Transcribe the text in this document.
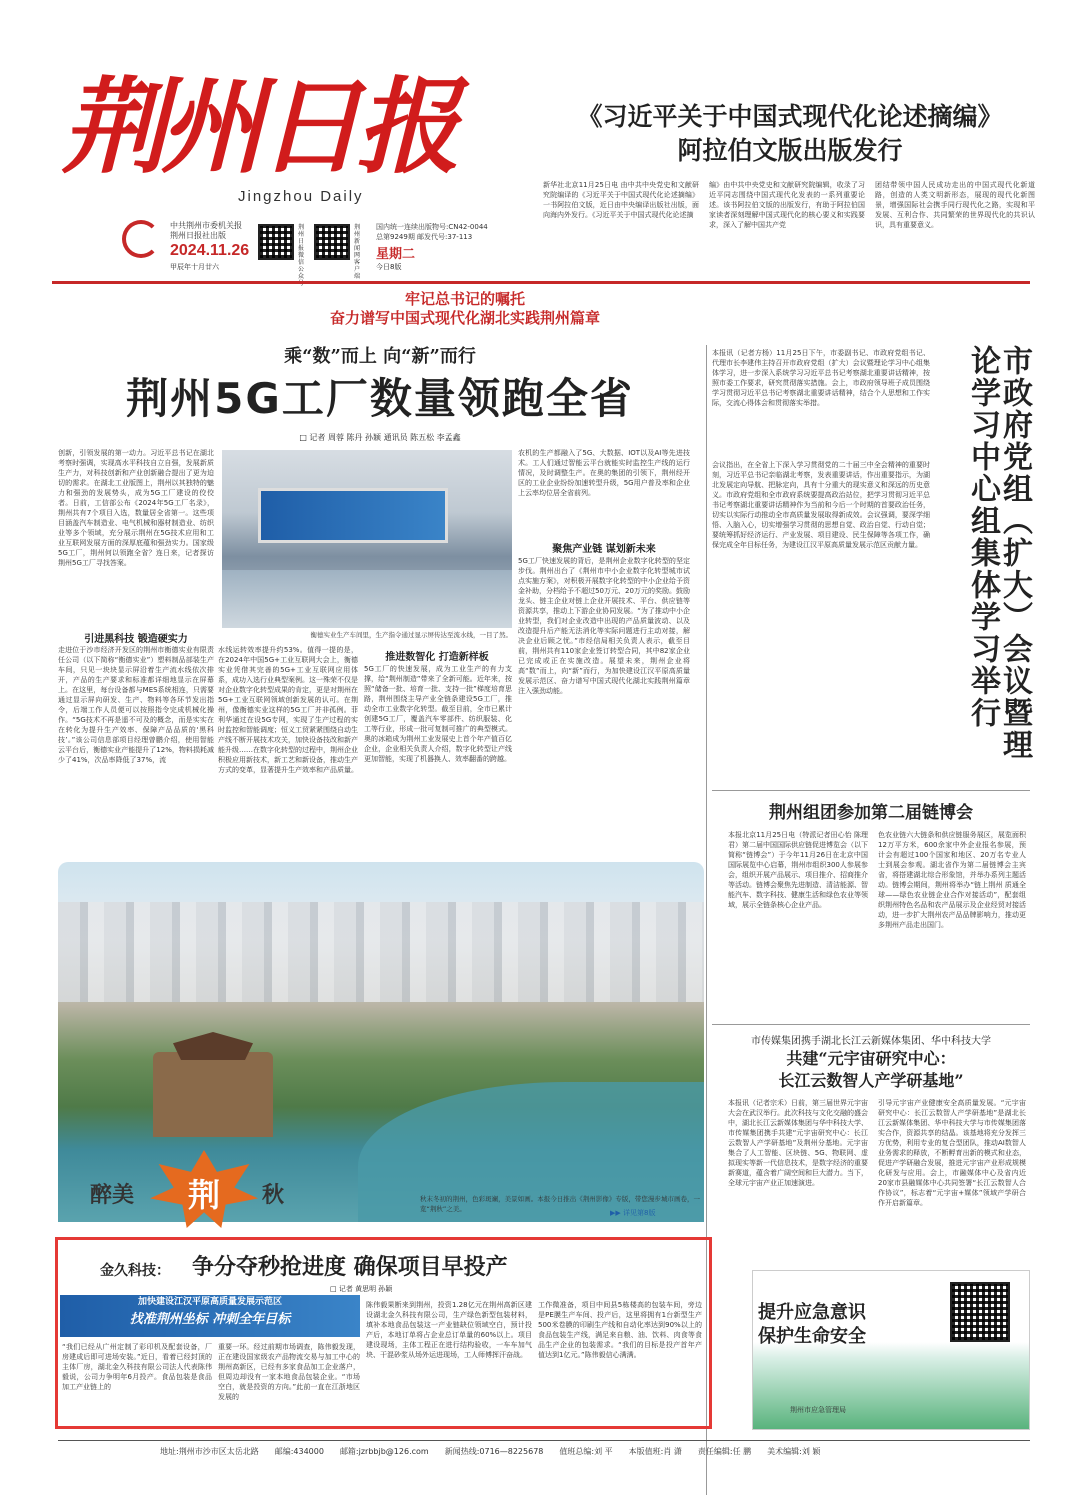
荆州日报
Jingzhou Daily
中共荆州市委机关报
荆州日报社出版
2024.11.26
甲辰年十月廿六
荆州日报微信公众
荆州新闻网客户端
国内统一连续出版物号:CN42-0044
总第9249期 邮发代号:37-113
星期二
今日8版
《习近平关于中国式现代化论述摘编》
阿拉伯文版出版发行
新华社北京11月25日电 由中共中央党史和文献研究院编译的《习近平关于中国式现代化论述摘编》一书阿拉伯文版，近日由中央编译出版社出版，面向海内外发行。《习近平关于中国式现代化论述摘
编》由中共中央党史和文献研究院编辑，收录了习近平同志围绕中国式现代化发表的一系列重要论述。该书阿拉伯文版的出版发行，有助于阿拉伯国家读者深刻理解中国式现代化的核心要义和实践要求，深入了解中国共产党
团结带领中国人民成功走出的中国式现代化新道路，创造的人类文明新形态，展现的现代化新图景，增强国际社会携手同行现代化之路，实现和平发展、互利合作、共同繁荣的世界现代化的共识认识，具有重要意义。
牢记总书记的嘱托
奋力谱写中国式现代化湖北实践荆州篇章
乘“数”而上 向“新”而行
荆州5G工厂数量领跑全省
□ 记者 周蓉 陈丹 孙颖 通讯员 陈五松 李孟鑫
创新，引领发展的第一动力。习近平总书记在湖北考察时强调，实现高水平科技自立自强，发展新质生产力，对科技创新和产业创新融合提出了更为迫切的需求。在湖北工业版图上，荆州以其独特的魅力和强劲的发展势头，成为5G工厂建设的佼佼者。日前，工信部公布《2024年5G工厂名录》，荆州共有7个项目入选，数量居全省第一。这些项目涵盖汽车制造业、电气机械和器材制造业、纺织业等多个领域，充分展示荆州在5G技术应用和工业互联网发展方面的深厚底蕴和强劲实力。国家级5G工厂，荆州何以领跑全省？连日来，记者探访荆州5G工厂寻找答案。
引进黑科技 锻造硬实力
走进位于沙市经济开发区的荆州市衡德实业有限责任公司（以下简称“衡德实业”）塑料制品部装生产车间，只见一块块显示屏沿着生产流水线依次排开，产品的生产要求和标准都详细地显示在屏幕上。在这里，每台设备都与MES系统相连，只需要通过显示屏向研发、生产、物料等各环节发出指令，后端工作人员便可以按照指令完成机械化操作。“5G技术不再是遥不可及的概念，而是实实在在转化为提升生产效率、保障产品品质的‘黑科技’。”该公司信息部项目经理曾鹏介绍，使用智能云平台后，衡德实业产能提升了12%，物料损耗减少了41%，次品率降低了37%，流
衡德实业生产车间里，生产指令通过显示屏传达至流水线，一目了然。
水线运转效率提升约53%。值得一提的是，在2024年中国5G+工业互联网大会上，衡德实业凭借其完善的5G+工业互联网应用体系，成功入选行业典型案例。这一殊荣不仅是对企业数字化转型成果的肯定，更是对荆州在5G+工业互联网领域创新发展的认可。在荆州，像衡德实业这样的5G工厂并非孤例。菲利华通过在设5G专网，实现了生产过程的实时监控和智能调度；恒义工贸紧紧围绕自动生产线不断开展技术攻关，加快设备技改和新产能升级……在数字化转型的过程中，荆州企业积极应用新技术，新工艺和新设备，推动生产方式的变革，显著提升生产效率和产品质量。
推进数智化 打造新样板
5G工厂的快速发展，成为工业生产的有力支撑，给“荆州制造”带来了全新可能。近年来，按照“储备一批、培育一批、支持一批”梯度培育思路，荆州围绕主导产业全链条建设5G工厂，推动全市工业数字化转型。截至目前，全市已累计创建5G工厂，覆盖汽车零部件、纺织服装、化工等行业，形成一批可复制可推广的典型模式。奥的冰箱成为荆州工业发展史上首个年产值百亿企业，企业相关负责人介绍，数字化转型让产线更加智能，实现了机器换人、效率翻番的跨越。
农机的生产都融入了5G、大数据、IOT以及AI等先进技术。工人们通过智能云平台就能实时监控生产线的运行情况，及时调整生产。在奥的集团的引领下，荆州经开区的工业企业纷纷加速转型升级，5G用户普及率和企业上云率均位居全省前列。
聚焦产业链 谋划新未来
5G工厂快速发展的背后，是荆州企业数字化转型的坚定步伐。荆州出台了《荆州市中小企业数字化转型城市试点实施方案》，对积极开展数字化转型的中小企业给予资金补助，分档给予不超过50万元、20万元的奖励。鼓励龙头、链主企业对链上企业开展技术、平台、供应链等资源共享，推动上下游企业协同发展。“为了推动中小企业转型，我们对企业改造中出现的产品质量波动、以及改造提升后产能无法消化等实际问题进行主动对接，解决企业后顾之忧。”市经信局相关负责人表示，截至目前，荆州共有110家企业签订转型合同，其中82家企业已完成或正在实施改造。展望未来，荆州企业将高“数”而上，向“新”而行，为加快建设江汉平原高质量发展示范区、奋力谱写中国式现代化湖北实践荆州篇章注入强劲动能。	市政府党组（扩大）会议暨理论学习中心组集体学习举行
本报讯（记者方杨）11月25日下午，市委副书记、市政府党组书记、代理市长李建伟主持召开市政府党组（扩大）会议暨理论学习中心组集体学习，进一步深入系统学习习近平总书记考察湖北重要讲话精神，按照市委工作要求，研究贯彻落实措施。会上，市政府领导班子成员围绕学习贯彻习近平总书记考察湖北重要讲话精神，结合个人思想和工作实际，交流心得体会和贯彻落实举措。
会议指出，在全省上下深入学习贯彻党的二十届三中全会精神的重要时刻，习近平总书记亲临湖北考察，发表重要讲话，作出重要指示，为湖北发展定向导航、把脉定向，具有十分重大的现实意义和深远的历史意义。市政府党组和全市政府系统要提高政治站位，把学习贯彻习近平总书记考察湖北重要讲话精神作为当前和今后一个时期的首要政治任务，切实以实际行动推动全市高质量发展取得新成效。会议强调，要深学细悟、入脑入心，切实增强学习贯彻的思想自觉、政治自觉、行动自觉；要统筹抓好经济运行、产业发展、项目建设、民生保障等各项工作，确保完成全年目标任务，为建设江汉平原高质量发展示范区贡献力量。
荆州组团参加第二届链博会
本报北京11月25日电（特派记者田心怡 陈理君）第二届中国国际供应链促进博览会（以下简称“链博会”）于今年11月26日在北京中国国际展览中心启幕，荆州市组织300人参展参会，组织开展产品展示、项目推介、招商推介等活动。链博会聚焦先进制造、清洁能源、智能汽车、数字科技、健康生活和绿色农业等领域，展示全链条核心企业产品。
色农业链六大链条和供应链服务展区，展览面积12万平方米，600余家中外企业报名参展，预计会有超过100个国家和地区、20万名专业人士到展会参观。湖北省作为第二届链博会主宾省，将搭建湖北综合形象馆，并举办系列主题活动。链博会期间，荆州将举办“链上荆州 质通全球——绿色农业链企业合作对接活动”，配套组织荆州特色名品和农产品展示及企业经贸对接活动，进一步扩大荆州农产品品牌影响力，推动更多荆州产品走出国门。
市传媒集团携手湖北长江云新媒体集团、华中科技大学
共建“元宇宙研究中心：
长江云数智人产学研基地”
本报讯（记者宗禾）日前，第三届世界元宇宙大会在武汉举行。此次科技与文化交融的盛会中，湖北长江云新媒体集团与华中科技大学、市传媒集团携手共建“元宇宙研究中心：长江云数智人产学研基地”及荆州分基地。元宇宙集合了人工智能、区块链、5G、物联网、虚拟现实等新一代信息技术，是数字经济的重要新赛道，蕴含着广阔空间和巨大潜力。当下，全球元宇宙产业正加速演进。
引导元宇宙产业健康安全高质量发展。“元宇宙研究中心：长江云数智人产学研基地”是湖北长江云新媒体集团、华中科技大学与市传媒集团落实合作，资源共享的结晶。该基地将充分发挥三方优势，利用专业的复合型团队，推动AI数智人业务需求的释放，不断孵育出新的模式和业态，促进产学研融合发展，推进元宇宙产业形成规模化研发与应用。会上，市融媒体中心及省内近20家市县融媒体中心共同签署“长江云数智人合作协议”，标志着“元宇宙+媒体”领域产学研合作开启新篇章。
醉美 荆 秋	秋末冬初的荆州，色彩斑斓，美景如画。本报今日推出《荆州影像》专版，带您漫步城市画卷，一览“荆秋”之美。	▶▶ 详见第8版
金久科技： 争分夺秒抢进度 确保项目早投产
□ 记者 黄思明 孙颖
加快建设江汉平原高质量发展示范区
找准荆州坐标 冲刺全年目标
“我们已经从广州定制了彩印机及配套设备，厂房建成后即可进场安装。”近日，看着已经封顶的主体厂房，湖北金久科技有限公司法人代表陈伟毅说，公司力争明年6月投产。食品包装是食品加工产业链上的
重要一环。经过前期市场调查，陈伟毅发现，正在建设国家级农产品物流交易与加工中心的荆州高新区，已经有多家食品加工企业落户，但周边却没有一家本地食品包装企业。“市场空白，就是投资的方向。”此前一直在江浙地区发展的
陈伟毅果断来到荆州，投资1.28亿元在荆州高新区建设湖北金久科技有限公司，生产绿色新型包装材料，填补本地食品包装这一产业链缺位领域空白，预计投产后，本地订单将占企业总订单量的60%以上。项目建设现场，主体工程正在进行结构验收，一车车加气块、干混砂浆从场外运进现场，工人师傅挥汗奋战。
工作微准备，项目中间县5栋楼高的包装车间，旁边是PE膜生产车间、投产后，这里将拥有1台新型生产500米卷膜的印刷生产线和自动化率达到90%以上的食品包装生产线，满足来自粮、油、饮料、肉食等食品生产企业的包装需求。“我们的目标是投产首年产值达到1亿元。”陈伟毅信心满满。
提升应急意识
保护生命安全
荆州市应急管理局
地址:荆州市沙市区太岳北路 邮编:434000 邮箱:jzrbbjb@126.com 新闻热线:0716—8225678 值班总编:刘 平 本版值班:肖 潇 责任编辑:任 鹏 美术编辑:刘 颖
